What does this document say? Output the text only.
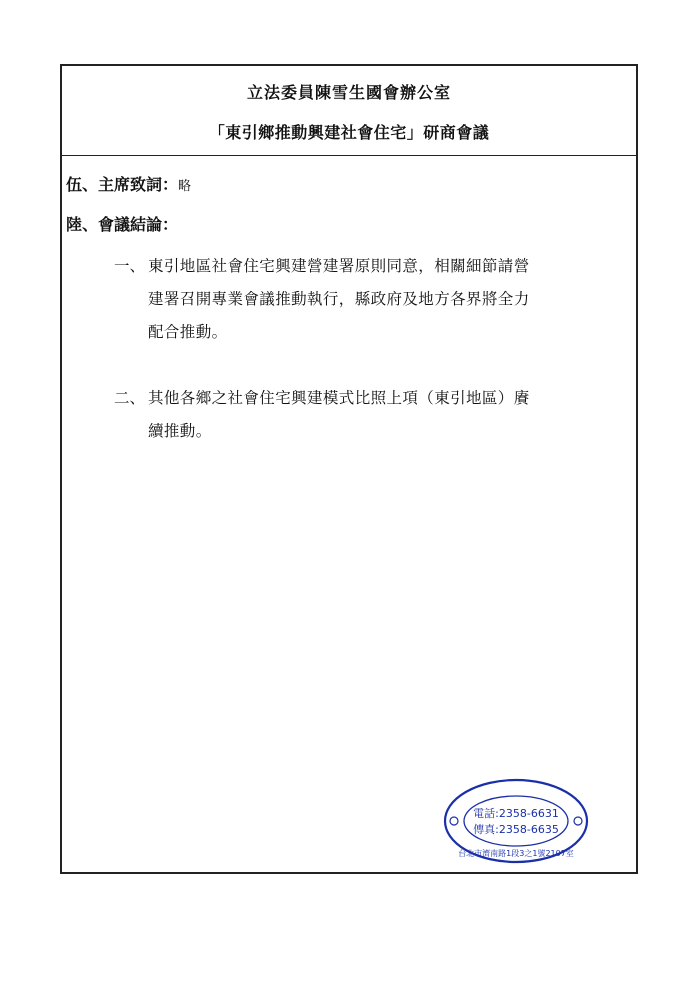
立法委員陳雪生國會辦公室
「東引鄉推動興建社會住宅」研商會議
伍、主席致詞：略
陸、會議結論：
一、 東引地區社會住宅興建營建署原則同意，相關細節請營
建署召開專業會議推動執行，縣政府及地方各界將全力
配合推動。
二、 其他各鄉之社會住宅興建模式比照上項（東引地區）賡
續推動。
電話:2358-6631
傳真:2358-6635
台北市濟南路1段3之1號2107室
